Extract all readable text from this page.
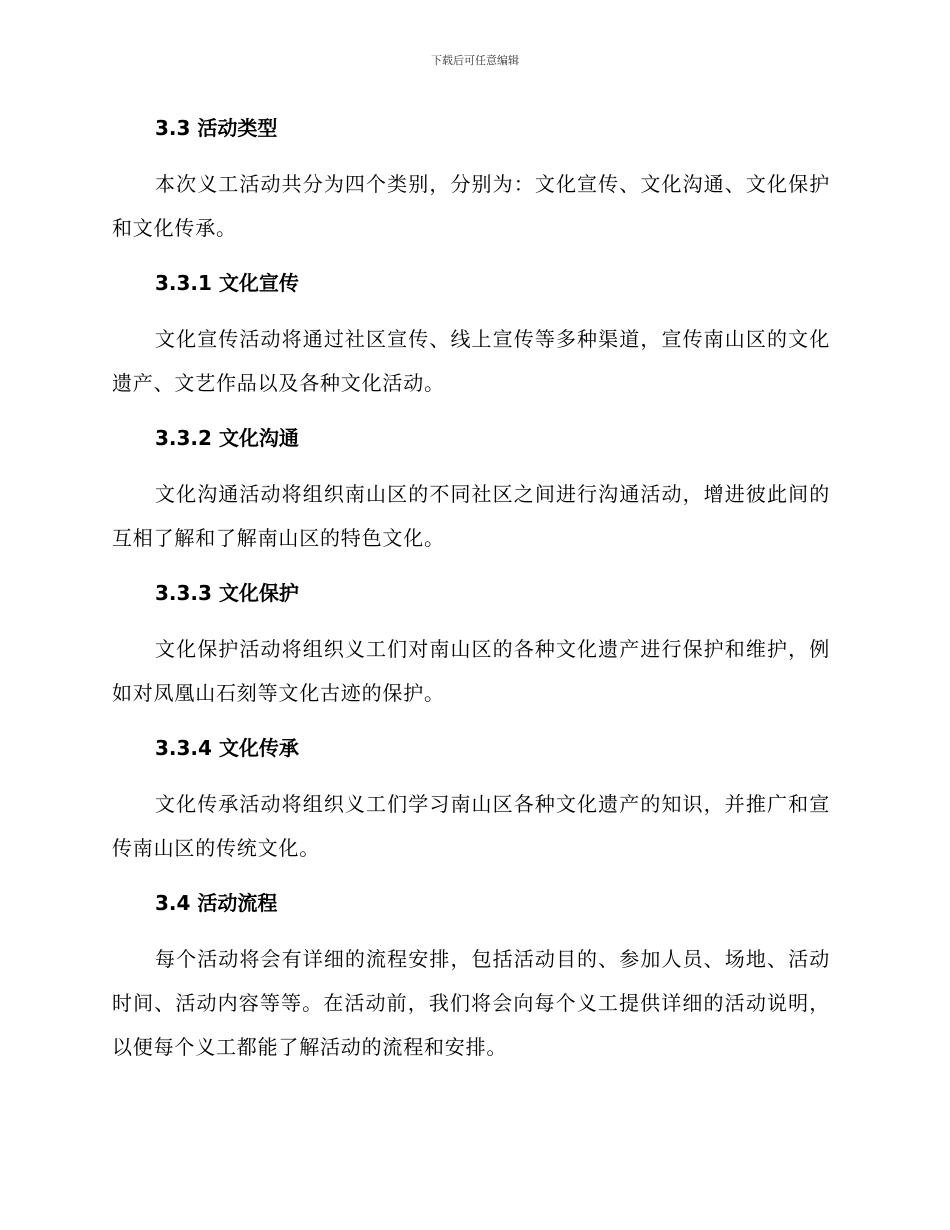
下载后可任意编辑
3.3 活动类型

本次义工活动共分为四个类别，分别为：文化宣传、文化沟通、文化保护和文化传承。

3.3.1 文化宣传

文化宣传活动将通过社区宣传、线上宣传等多种渠道，宣传南山区的文化遗产、文艺作品以及各种文化活动。

3.3.2 文化沟通

文化沟通活动将组织南山区的不同社区之间进行沟通活动，增进彼此间的互相了解和了解南山区的特色文化。

3.3.3 文化保护

文化保护活动将组织义工们对南山区的各种文化遗产进行保护和维护，例如对凤凰山石刻等文化古迹的保护。

3.3.4 文化传承

文化传承活动将组织义工们学习南山区各种文化遗产的知识，并推广和宣传南山区的传统文化。

3.4 活动流程

每个活动将会有详细的流程安排，包括活动目的、参加人员、场地、活动时间、活动内容等等。在活动前，我们将会向每个义工提供详细的活动说明，以便每个义工都能了解活动的流程和安排。
